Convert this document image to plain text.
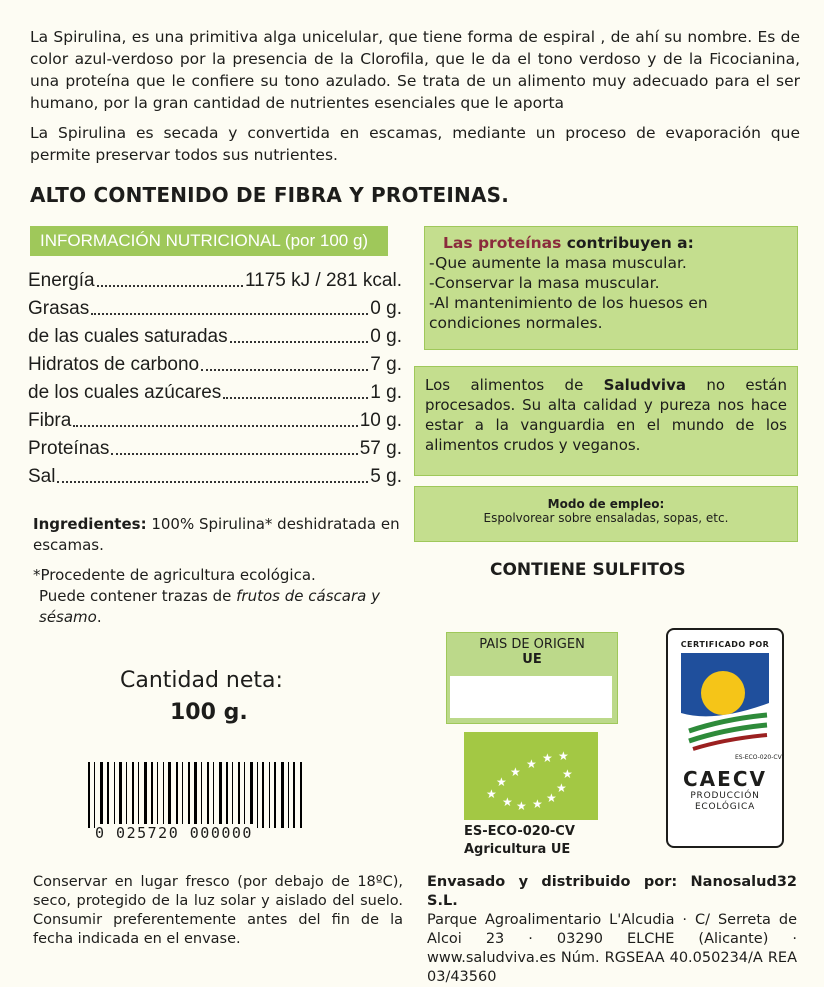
La Spirulina, es una primitiva alga unicelular, que tiene forma de espiral , de ahí su nombre. Es de color azul-verdoso por la presencia de la Clorofila, que le da el tono verdoso y de la Ficocianina, una proteína que le confiere su tono azulado. Se trata de un alimento muy adecuado para el ser humano, por la gran cantidad de nutrientes esenciales que le aporta

La Spirulina es secada y convertida en escamas, mediante un proceso de evaporación que permite preservar todos sus nutrientes.

ALTO CONTENIDO DE FIBRA Y PROTEINAS.
INFORMACIÓN NUTRICIONAL (por 100 g)
Energía	1175 kJ / 281 kcal.
Grasas	0 g.
de las cuales saturadas	0 g.
Hidratos de carbono	7 g.
de los cuales azúcares	1 g.
Fibra	10 g.
Proteínas	57 g.
Sal	5 g.
Las proteínas contribuyen a:
-Que aumente la masa muscular.
-Conservar la masa muscular.
-Al mantenimiento de los huesos en condiciones normales.
Los alimentos de Saludviva no están procesados. Su alta calidad y pureza nos hace estar a la vanguardia en el mundo de los alimentos crudos y veganos.
Modo de empleo:
Espolvorear sobre ensaladas, sopas, etc.
CONTIENE SULFITOS
Ingredientes: 100% Spirulina* deshidratada en escamas.
*Procedente de agricultura ecológica.
Puede contener trazas de frutos de cáscara y sésamo.
Cantidad neta:
100 g.
0 025720 000000
PAIS DE ORIGEN
UE
★
★
★
★ ★ ★
★ ★ ★ ★
★
★
ES-ECO-020-CV
Agricultura UE
CERTIFICADO POR
ES-ECO-020-CV
CAECV
PRODUCCIÓN
ECOLÓGICA
Conservar en lugar fresco (por debajo de 18ºC), seco, protegido de la luz solar y aislado del suelo. Consumir preferentemente antes del fin de la fecha indicada en el envase.
Envasado y distribuido por: Nanosalud32 S.L.
Parque Agroalimentario L'Alcudia · C/ Serreta de Alcoi 23 · 03290 ELCHE (Alicante) · www.saludviva.es Núm. RGSEAA 40.050234/A REA 03/43560
